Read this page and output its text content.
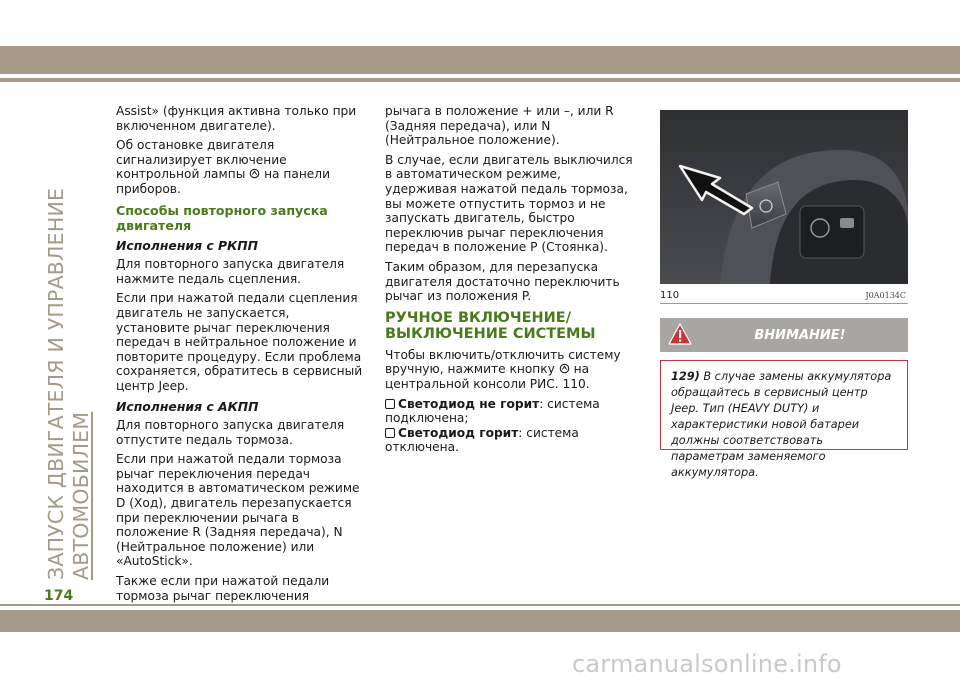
ЗАПУСК ДВИГАТЕЛЯ И УПРАВЛЕНИЕ АВТОМОБИЛЕМ

Assist» (функция активна только при включенном двигателе).

Об остановке двигателя сигнализирует включение контрольной лампы на панели приборов.

Способы повторного запуска двигателя
Исполнения с РКПП

Для повторного запуска двигателя нажмите педаль сцепления.

Если при нажатой педали сцепления двигатель не запускается, установите рычаг переключения передач в нейтральное положение и повторите процедуру. Если проблема сохраняется, обратитесь в сервисный центр Jeep.

Исполнения с АКПП

Для повторного запуска двигателя отпустите педаль тормоза.

Если при нажатой педали тормоза рычаг переключения передач находится в автоматическом режиме D (Ход), двигатель перезапускается при переключении рычага в положение R (Задняя передача), N (Нейтральное положение) или «AutoStick».

Также если при нажатой педали тормоза рычаг переключения

рычага в положение + или –, или R (Задняя передача), или N (Нейтральное положение).

В случае, если двигатель выключился в автоматическом режиме, удерживая нажатой педаль тормоза, вы можете отпустить тормоз и не запускать двигатель, быстро переключив рычаг переключения передач в положение P (Стоянка).

Таким образом, для перезапуска двигателя достаточно переключить рычаг из положения P.

РУЧНОЕ ВКЛЮЧЕНИЕ/ ВЫКЛЮЧЕНИЕ СИСТЕМЫ

Чтобы включить/отключить систему вручную, нажмите кнопку на центральной консоли РИС. 110.

Светодиод не горит: система подключена;
Светодиод горит: система отключена.
110	J0A0134C
ВНИМАНИЕ!
129) В случае замены аккумулятора обращайтесь в сервисный центр Jeep. Тип (HEAVY DUTY) и характеристики новой батареи должны соответствовать параметрам заменяемого аккумулятора.
174
carmanualsonline.info
